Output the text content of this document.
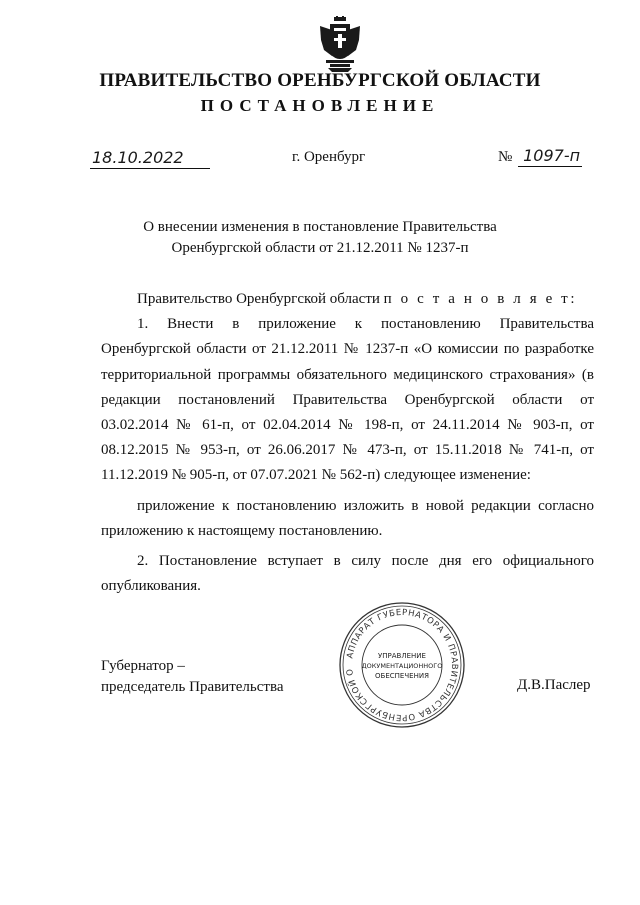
ПРАВИТЕЛЬСТВО ОРЕНБУРГСКОЙ ОБЛАСТИ
ПОСТАНОВЛЕНИЕ
18.10.2022	г. Оренбург	№ 1097-п
О внесении изменения в постановление Правительства
Оренбургской области от 21.12.2011 № 1237-п

Правительство Оренбургской области п о с т а н о в л я е т:

1. Внести в приложение к постановлению Правительства Оренбургской области от 21.12.2011 № 1237-п «О комиссии по разработке территориальной программы обязательного медицинского страхования» (в редакции постановлений Правительства Оренбургской области от 03.02.2014 № 61-п, от 02.04.2014 № 198-п, от 24.11.2014 № 903-п, от 08.12.2015 № 953-п, от 26.06.2017 № 473-п, от 15.11.2018 № 741-п, от 11.12.2019 № 905-п, от 07.07.2021 № 562-п) следующее изменение:

приложение к постановлению изложить в новой редакции согласно приложению к настоящему постановлению.

2. Постановление вступает в силу после дня его официального опубликования.

Губернатор –
председатель Правительства	Д.В.Паслер
АППАРАТ ГУБЕРНАТОРА И ПРАВИТЕЛЬСТВА ОРЕНБУРГСКОЙ О
УПРАВЛЕНИЕ
ДОКУМЕНТАЦИОННОГО
ОБЕСПЕЧЕНИЯ
